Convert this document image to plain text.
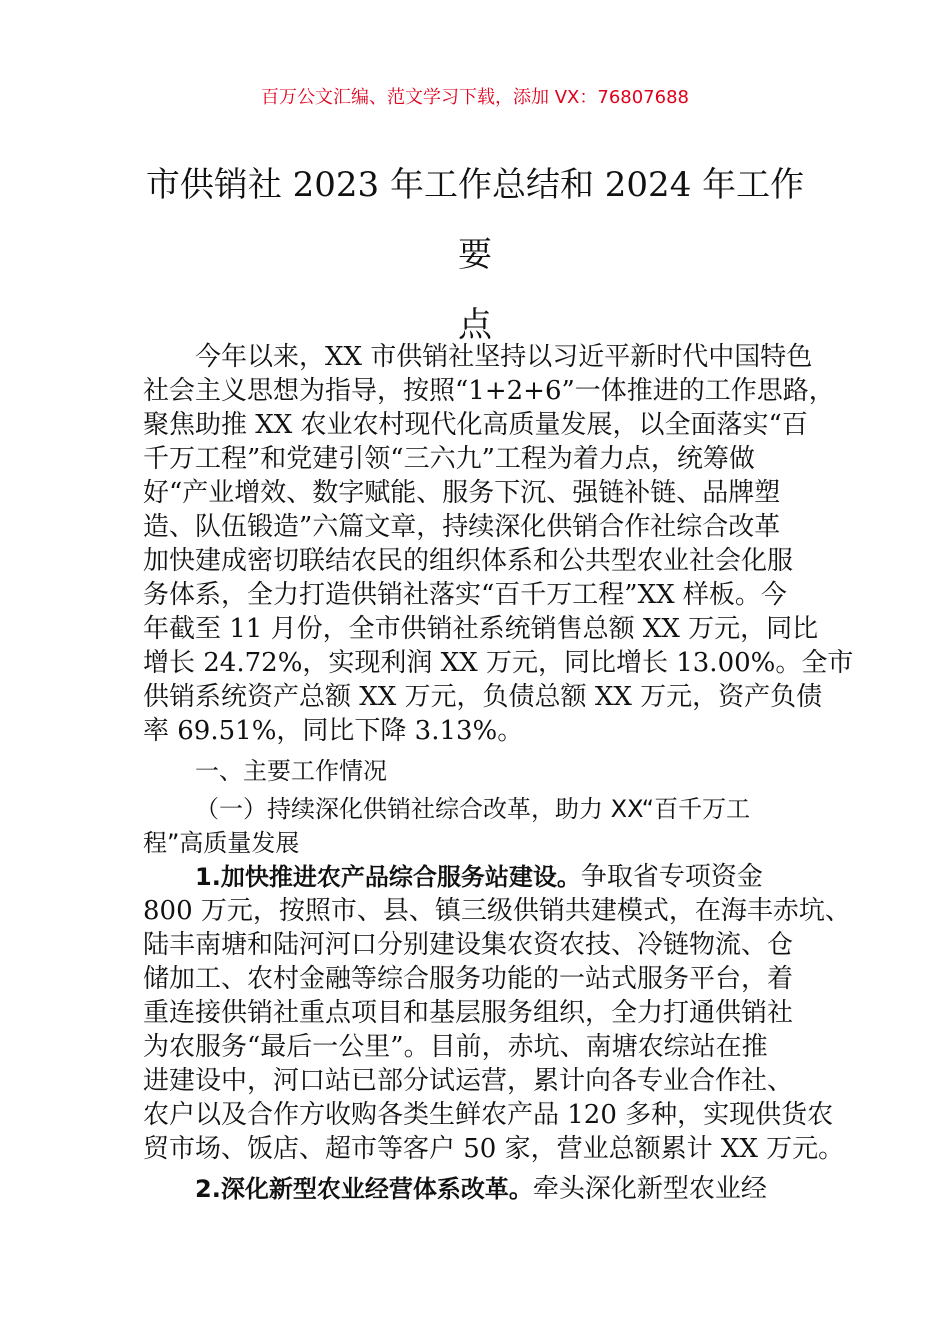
百万公文汇编、范文学习下载，添加 VX：76807688
市供销社 2023 年工作总结和 2024 年工作要
点
今年以来，XX 市供销社坚持以习近平新时代中国特色
社会主义思想为指导，按照“1+2+6”一体推进的工作思路，
聚焦助推 XX 农业农村现代化高质量发展，以全面落实“百
千万工程”和党建引领“三六九”工程为着力点，统筹做
好“产业增效、数字赋能、服务下沉、强链补链、品牌塑
造、队伍锻造”六篇文章，持续深化供销合作社综合改革
加快建成密切联结农民的组织体系和公共型农业社会化服
务体系，全力打造供销社落实“百千万工程”XX 样板。今
年截至 11 月份，全市供销社系统销售总额 XX 万元，同比
增长 24.72%，实现利润 XX 万元，同比增长 13.00%。全市
供销系统资产总额 XX 万元，负债总额 XX 万元，资产负债
率 69.51%，同比下降 3.13%。
一、主要工作情况
（一）持续深化供销社综合改革，助力 XX“百千万工
程”高质量发展
1.加快推进农产品综合服务站建设。争取省专项资金
800 万元，按照市、县、镇三级供销共建模式，在海丰赤坑、
陆丰南塘和陆河河口分别建设集农资农技、冷链物流、仓
储加工、农村金融等综合服务功能的一站式服务平台，着
重连接供销社重点项目和基层服务组织，全力打通供销社
为农服务“最后一公里”。目前，赤坑、南塘农综站在推
进建设中，河口站已部分试运营，累计向各专业合作社、
农户以及合作方收购各类生鲜农产品 120 多种，实现供货农
贸市场、饭店、超市等客户 50 家，营业总额累计 XX 万元。
2.深化新型农业经营体系改革。牵头深化新型农业经
